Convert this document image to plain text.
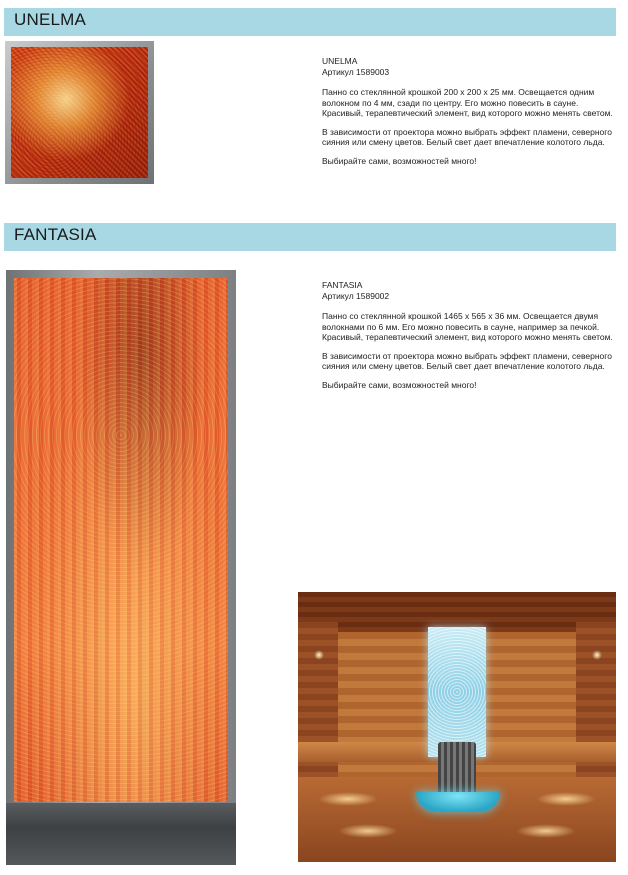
UNELMA

UNELMA

Артикул 1589003

Панно со стеклянной крошкой 200 x 200 x 25 мм. Освещается одним волокном по 4 мм, сзади по центру. Его можно повесить в сауне. Красивый, терапевтический элемент, вид которого можно менять светом.

В зависимости от проектора можно выбрать эффект пламени, северного сияния или смену цветов. Белый свет дает впечатление колотого льда.

Выбирайте сами, возможностей много!

FANTASIA

FANTASIA

Артикул 1589002

Панно со стеклянной крошкой 1465 x 565 x 36 мм. Освещается двумя волокнами по 6 мм. Его можно повесить в сауне, например за печкой. Красивый, терапевтический элемент, вид которого можно менять светом.

В зависимости от проектора можно выбрать эффект пламени, северного сияния или смену цветов. Белый свет дает впечатление колотого льда.

Выбирайте сами, возможностей много!
